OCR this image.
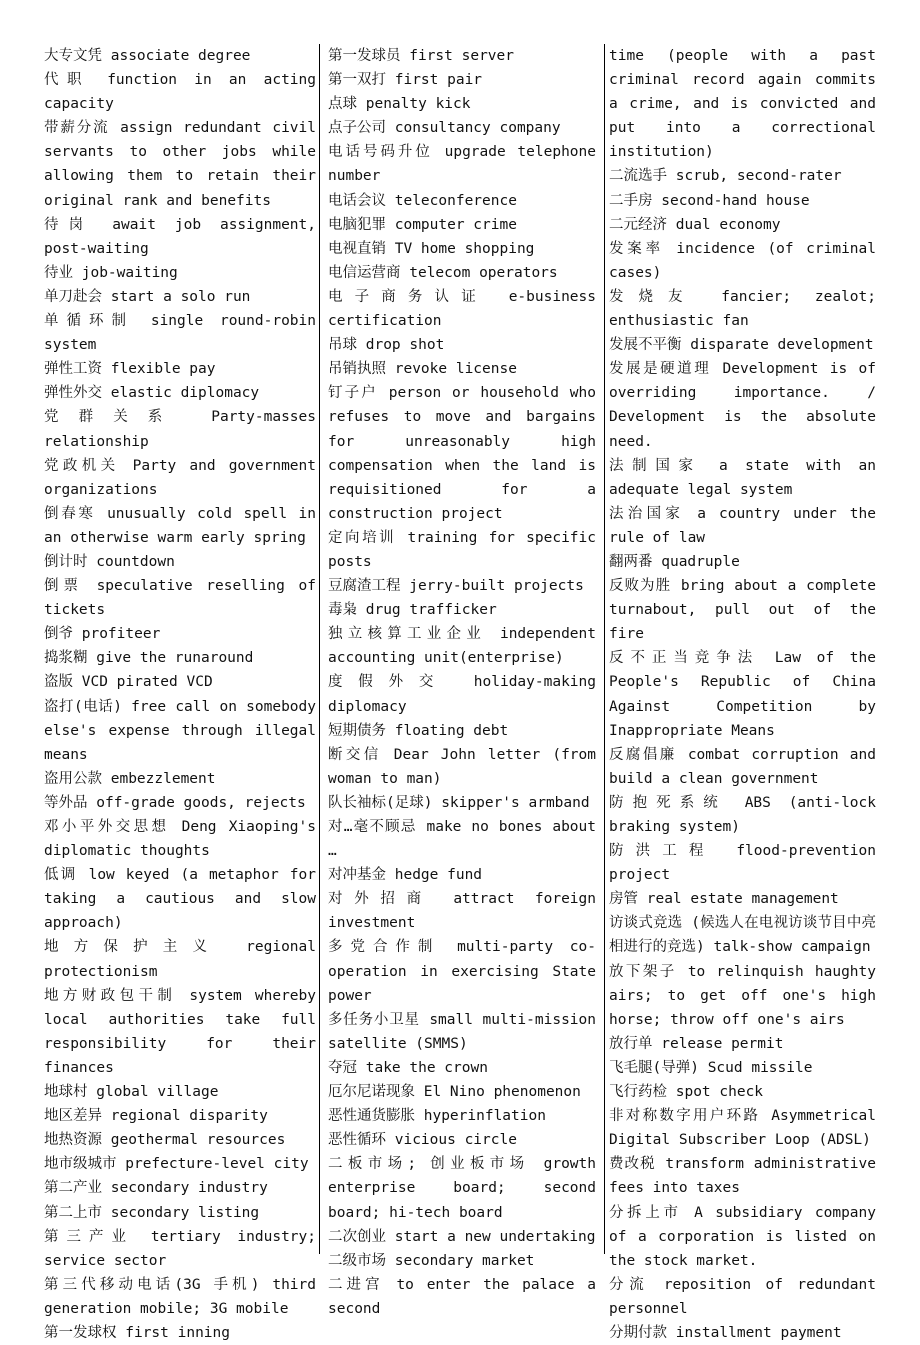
大专文凭 associate degree

代职 function in an acting capacity

带薪分流 assign redundant civil servants to other jobs while allowing them to retain their original rank and benefits

待岗 await job assignment, post-waiting

待业 job-waiting

单刀赴会 start a solo run

单循环制 single round-robin system

弹性工资 flexible pay

弹性外交 elastic diplomacy

党群关系 Party-masses relationship

党政机关 Party and government organizations

倒春寒 unusually cold spell in an otherwise warm early spring

倒计时 countdown

倒票 speculative reselling of tickets

倒爷 profiteer

捣浆糊 give the runaround

盗版 VCD pirated VCD

盗打(电话) free call on somebody else's expense through illegal means

盗用公款 embezzlement

等外品 off-grade goods, rejects

邓小平外交思想 Deng Xiaoping's diplomatic thoughts

低调 low keyed (a metaphor for taking a cautious and slow approach)

地方保护主义 regional protectionism

地方财政包干制 system whereby local authorities take full responsibility for their finances

地球村 global village

地区差异 regional disparity

地热资源 geothermal resources

地市级城市 prefecture-level city

第二产业 secondary industry

第二上市 secondary listing

第三产业 tertiary industry; service sector

第三代移动电话(3G 手机) third generation mobile; 3G mobile

第一发球权 first inning

第一发球员 first server

第一双打 first pair

点球 penalty kick

点子公司 consultancy company

电话号码升位 upgrade telephone number

电话会议 teleconference

电脑犯罪 computer crime

电视直销 TV home shopping

电信运营商 telecom operators

电子商务认证 e-business certification

吊球 drop shot

吊销执照 revoke license

钉子户 person or household who refuses to move and bargains for unreasonably high compensation when the land is requisitioned for a construction project

定向培训 training for specific posts

豆腐渣工程 jerry-built projects

毒枭 drug trafficker

独立核算工业企业 independent accounting unit(enterprise)

度假外交 holiday-making diplomacy

短期债务 floating debt

断交信 Dear John letter (from woman to man)

队长袖标(足球) skipper's armband

对…毫不顾忌 make no bones about …

对冲基金 hedge fund

对外招商 attract foreign investment

多党合作制 multi-party co-operation in exercising State power

多任务小卫星 small multi-mission satellite (SMMS)

夺冠 take the crown

厄尔尼诺现象 El Nino phenomenon

恶性通货膨胀 hyperinflation

恶性循环 vicious circle

二板市场; 创业板市场 growth enterprise board; second board; hi-tech board

二次创业 start a new undertaking

二级市场 secondary market

二进宫 to enter the palace a second

time (people with a past criminal record again commits a crime, and is convicted and put into a correctional institution)

二流选手 scrub, second-rater

二手房 second-hand house

二元经济 dual economy

发案率 incidence (of criminal cases)

发烧友 fancier; zealot; enthusiastic fan

发展不平衡 disparate development

发展是硬道理 Development is of overriding importance. / Development is the absolute need.

法制国家 a state with an adequate legal system

法治国家 a country under the rule of law

翻两番 quadruple

反败为胜 bring about a complete turnabout, pull out of the fire

反不正当竞争法 Law of the People's Republic of China Against Competition by Inappropriate Means

反腐倡廉 combat corruption and build a clean government

防抱死系统 ABS (anti-lock braking system)

防洪工程 flood-prevention project

房管 real estate management

访谈式竞选 (候选人在电视访谈节目中亮相进行的竞选) talk-show campaign

放下架子 to relinquish haughty airs; to get off one's high horse; throw off one's airs

放行单 release permit

飞毛腿(导弹) Scud missile

飞行药检 spot check

非对称数字用户环路 Asymmetrical Digital Subscriber Loop (ADSL)

费改税 transform administrative fees into taxes

分拆上市 A subsidiary company of a corporation is listed on the stock market.

分流 reposition of redundant personnel

分期付款 installment payment
